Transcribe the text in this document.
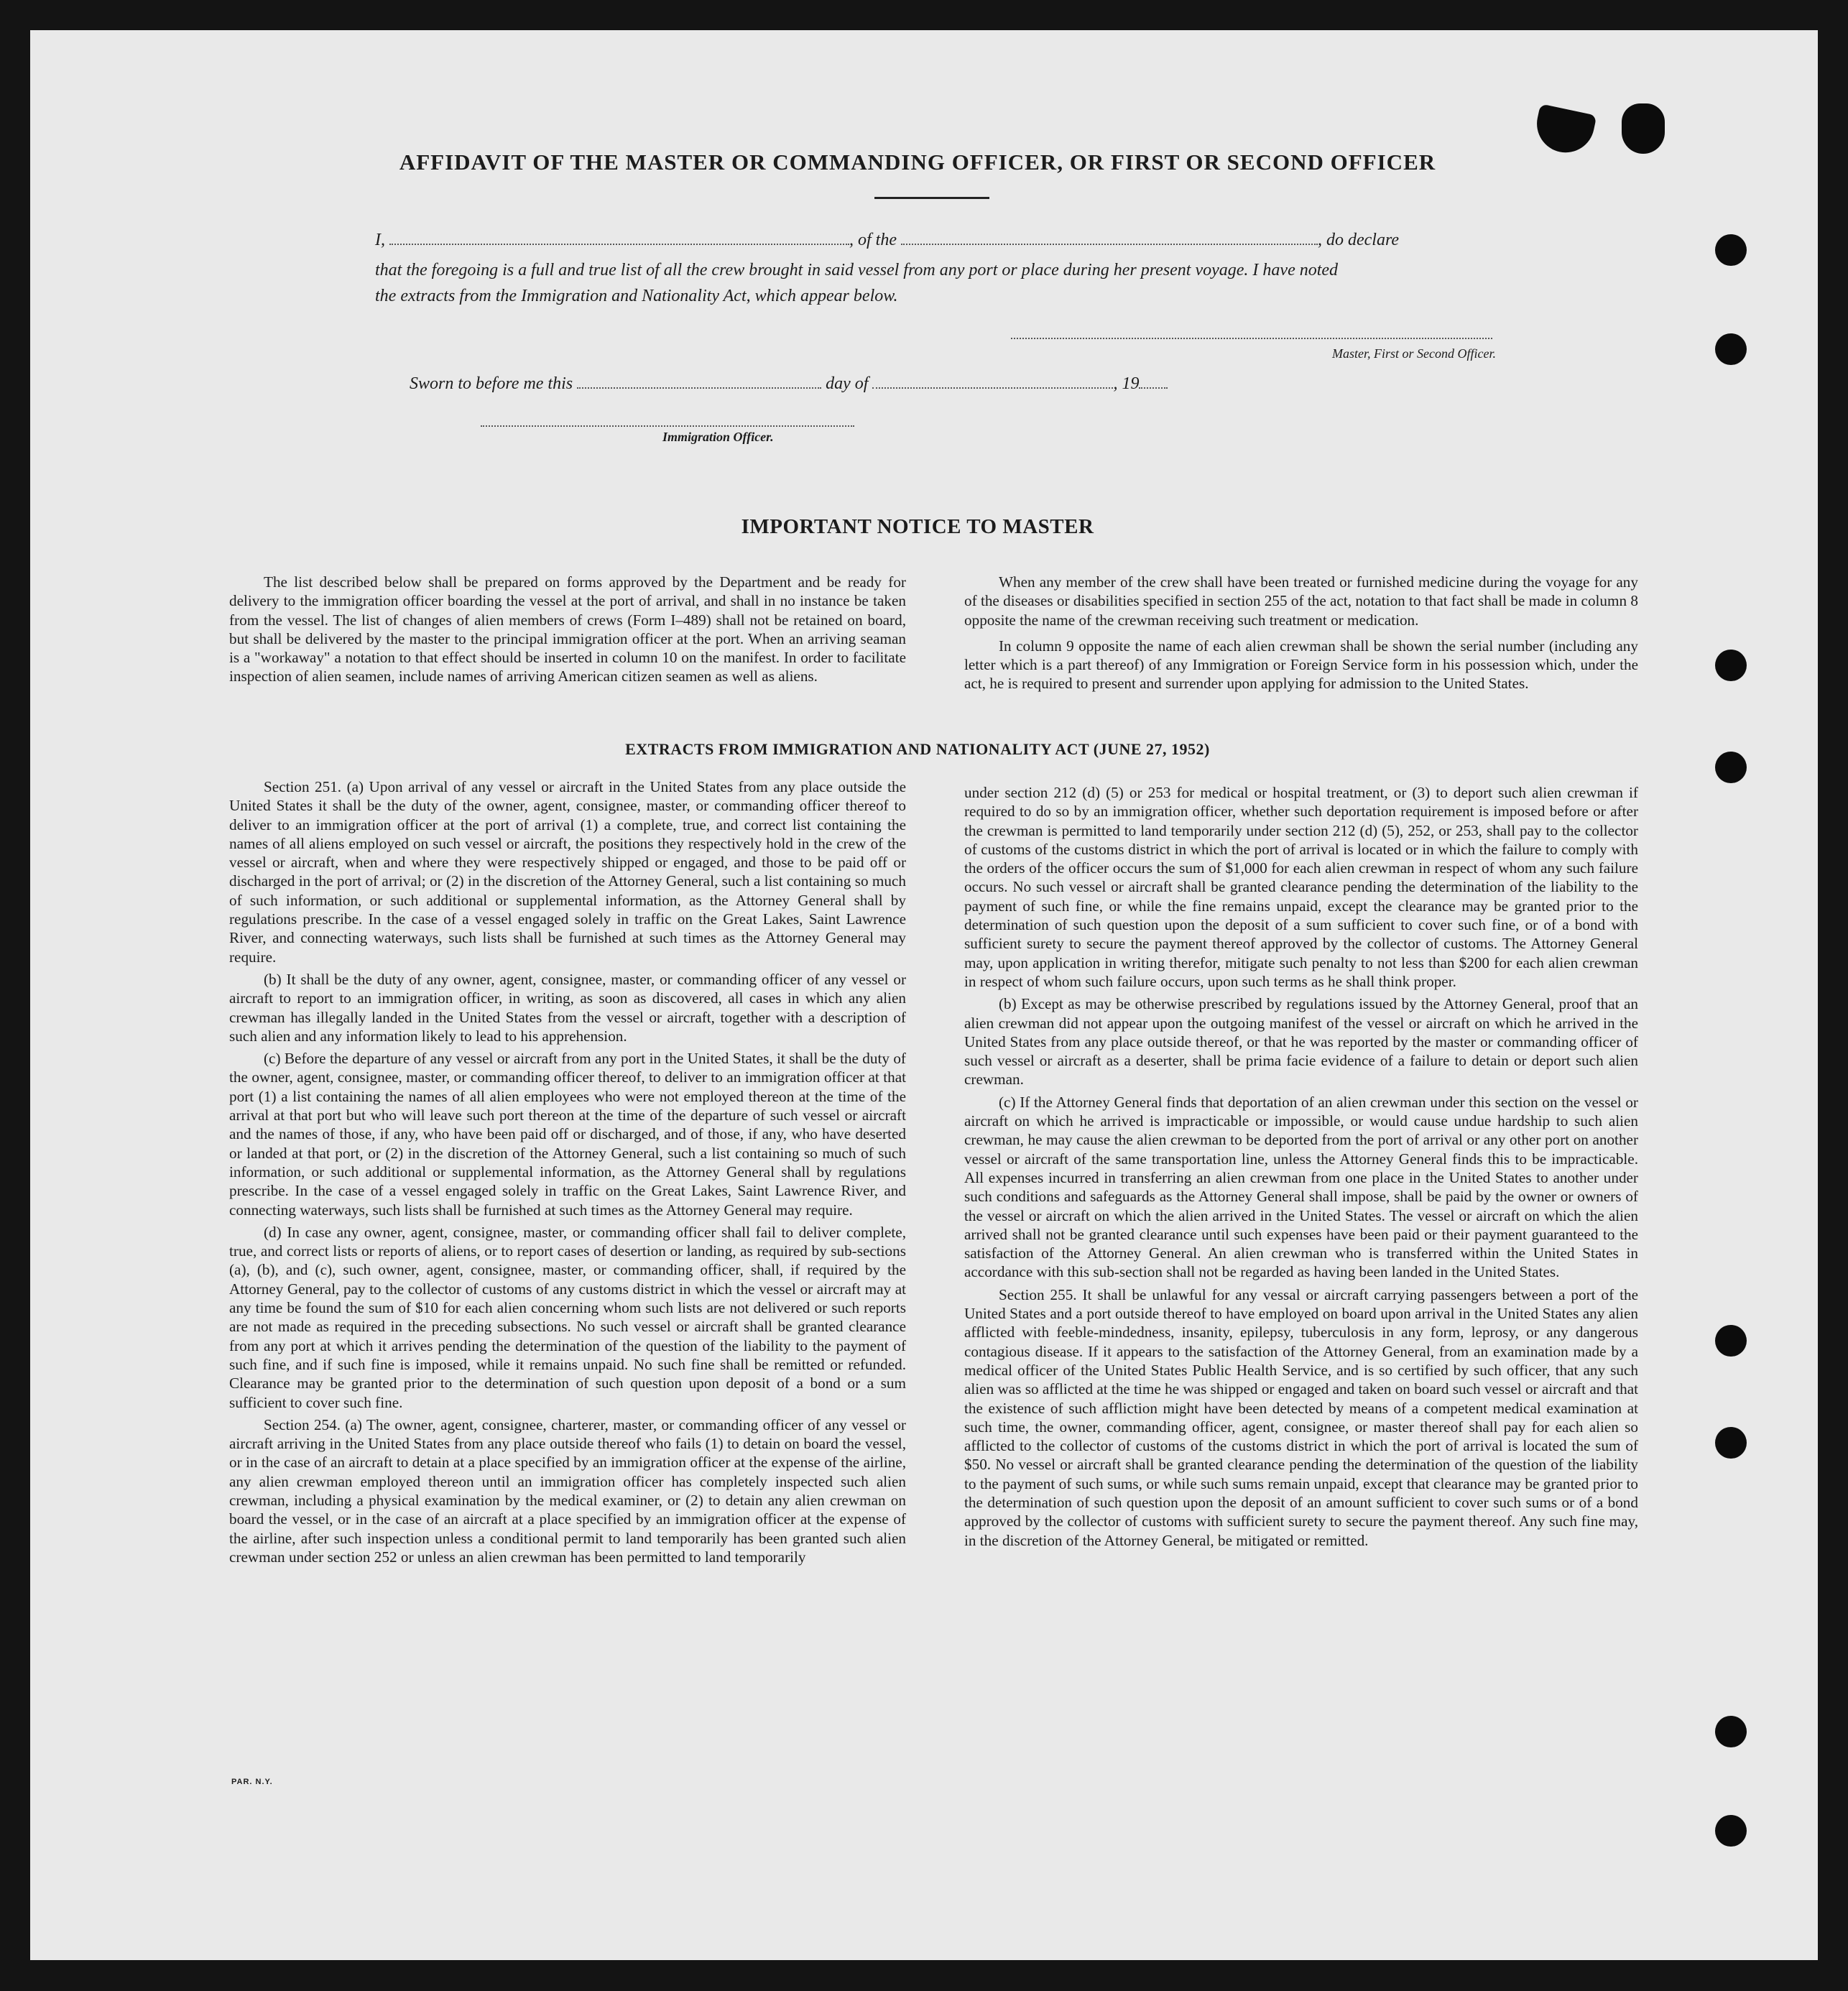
AFFIDAVIT OF THE MASTER OR COMMANDING OFFICER, OR FIRST OR SECOND OFFICER
I,	, of the	, do declare
that the foregoing is a full and true list of all the crew brought in said vessel from any port or place during her present voyage. I have noted
the extracts from the Immigration and Nationality Act, which appear below.
Master, First or Second Officer.
Sworn to before me this	day of	, 19
Immigration Officer.
IMPORTANT NOTICE TO MASTER

The list described below shall be prepared on forms approved by the Department and be ready for delivery to the immigration officer boarding the vessel at the port of arrival, and shall in no instance be taken from the vessel. The list of changes of alien members of crews (Form I–489) shall not be retained on board, but shall be delivered by the master to the principal immigration officer at the port. When an arriving seaman is a "workaway" a notation to that effect should be inserted in column 10 on the manifest. In order to facilitate inspection of alien seamen, include names of arriving American citizen seamen as well as aliens.

When any member of the crew shall have been treated or furnished medicine during the voyage for any of the diseases or disabilities specified in section 255 of the act, notation to that fact shall be made in column 8 opposite the name of the crewman receiving such treatment or medication.

In column 9 opposite the name of each alien crewman shall be shown the serial number (including any letter which is a part thereof) of any Immigration or Foreign Service form in his possession which, under the act, he is required to present and surrender upon applying for admission to the United States.

EXTRACTS FROM IMMIGRATION AND NATIONALITY ACT (JUNE 27, 1952)

Section 251. (a) Upon arrival of any vessel or aircraft in the United States from any place outside the United States it shall be the duty of the owner, agent, consignee, master, or commanding officer thereof to deliver to an immigration officer at the port of arrival (1) a complete, true, and correct list containing the names of all aliens employed on such vessel or aircraft, the positions they respectively hold in the crew of the vessel or aircraft, when and where they were respectively shipped or engaged, and those to be paid off or discharged in the port of arrival; or (2) in the discretion of the Attorney General, such a list containing so much of such information, or such additional or supplemental information, as the Attorney General shall by regulations prescribe. In the case of a vessel engaged solely in traffic on the Great Lakes, Saint Lawrence River, and connecting waterways, such lists shall be furnished at such times as the Attorney General may require.

(b) It shall be the duty of any owner, agent, consignee, master, or commanding officer of any vessel or aircraft to report to an immigration officer, in writing, as soon as discovered, all cases in which any alien crewman has illegally landed in the United States from the vessel or aircraft, together with a description of such alien and any information likely to lead to his apprehension.

(c) Before the departure of any vessel or aircraft from any port in the United States, it shall be the duty of the owner, agent, consignee, master, or commanding officer thereof, to deliver to an immigration officer at that port (1) a list containing the names of all alien employees who were not employed thereon at the time of the arrival at that port but who will leave such port thereon at the time of the departure of such vessel or aircraft and the names of those, if any, who have been paid off or discharged, and of those, if any, who have deserted or landed at that port, or (2) in the discretion of the Attorney General, such a list containing so much of such information, or such additional or supplemental information, as the Attorney General shall by regulations prescribe. In the case of a vessel engaged solely in traffic on the Great Lakes, Saint Lawrence River, and connecting waterways, such lists shall be furnished at such times as the Attorney General may require.

(d) In case any owner, agent, consignee, master, or commanding officer shall fail to deliver complete, true, and correct lists or reports of aliens, or to report cases of desertion or landing, as required by sub-sections (a), (b), and (c), such owner, agent, consignee, master, or commanding officer, shall, if required by the Attorney General, pay to the collector of customs of any customs district in which the vessel or aircraft may at any time be found the sum of $10 for each alien concerning whom such lists are not delivered or such reports are not made as required in the preceding subsections. No such vessel or aircraft shall be granted clearance from any port at which it arrives pending the determination of the question of the liability to the payment of such fine, and if such fine is imposed, while it remains unpaid. No such fine shall be remitted or refunded. Clearance may be granted prior to the determination of such question upon deposit of a bond or a sum sufficient to cover such fine.

Section 254. (a) The owner, agent, consignee, charterer, master, or commanding officer of any vessel or aircraft arriving in the United States from any place outside thereof who fails (1) to detain on board the vessel, or in the case of an aircraft to detain at a place specified by an immigration officer at the expense of the airline, any alien crewman employed thereon until an immigration officer has completely inspected such alien crewman, including a physical examination by the medical examiner, or (2) to detain any alien crewman on board the vessel, or in the case of an aircraft at a place specified by an immigration officer at the expense of the airline, after such inspection unless a conditional permit to land temporarily has been granted such alien crewman under section 252 or unless an alien crewman has been permitted to land temporarily

under section 212 (d) (5) or 253 for medical or hospital treatment, or (3) to deport such alien crewman if required to do so by an immigration officer, whether such deportation requirement is imposed before or after the crewman is permitted to land temporarily under section 212 (d) (5), 252, or 253, shall pay to the collector of customs of the customs district in which the port of arrival is located or in which the failure to comply with the orders of the officer occurs the sum of $1,000 for each alien crewman in respect of whom any such failure occurs. No such vessel or aircraft shall be granted clearance pending the determination of the liability to the payment of such fine, or while the fine remains unpaid, except the clearance may be granted prior to the determination of such question upon the deposit of a sum sufficient to cover such fine, or of a bond with sufficient surety to secure the payment thereof approved by the collector of customs. The Attorney General may, upon application in writing therefor, mitigate such penalty to not less than $200 for each alien crewman in respect of whom such failure occurs, upon such terms as he shall think proper.

(b) Except as may be otherwise prescribed by regulations issued by the Attorney General, proof that an alien crewman did not appear upon the outgoing manifest of the vessel or aircraft on which he arrived in the United States from any place outside thereof, or that he was reported by the master or commanding officer of such vessel or aircraft as a deserter, shall be prima facie evidence of a failure to detain or deport such alien crewman.

(c) If the Attorney General finds that deportation of an alien crewman under this section on the vessel or aircraft on which he arrived is impracticable or impossible, or would cause undue hardship to such alien crewman, he may cause the alien crewman to be deported from the port of arrival or any other port on another vessel or aircraft of the same transportation line, unless the Attorney General finds this to be impracticable. All expenses incurred in transferring an alien crewman from one place in the United States to another under such conditions and safeguards as the Attorney General shall impose, shall be paid by the owner or owners of the vessel or aircraft on which the alien arrived in the United States. The vessel or aircraft on which the alien arrived shall not be granted clearance until such expenses have been paid or their payment guaranteed to the satisfaction of the Attorney General. An alien crewman who is transferred within the United States in accordance with this sub-section shall not be regarded as having been landed in the United States.

Section 255. It shall be unlawful for any vessal or aircraft carrying passengers between a port of the United States and a port outside thereof to have employed on board upon arrival in the United States any alien afflicted with feeble-mindedness, insanity, epilepsy, tuberculosis in any form, leprosy, or any dangerous contagious disease. If it appears to the satisfaction of the Attorney General, from an examination made by a medical officer of the United States Public Health Service, and is so certified by such officer, that any such alien was so afflicted at the time he was shipped or engaged and taken on board such vessel or aircraft and that the existence of such affliction might have been detected by means of a competent medical examination at such time, the owner, commanding officer, agent, consignee, or master thereof shall pay for each alien so afflicted to the collector of customs of the customs district in which the port of arrival is located the sum of $50. No vessel or aircraft shall be granted clearance pending the determination of the question of the liability to the payment of such sums, or while such sums remain unpaid, except that clearance may be granted prior to the determination of such question upon the deposit of an amount sufficient to cover such sums or of a bond approved by the collector of customs with sufficient surety to secure the payment thereof. Any such fine may, in the discretion of the Attorney General, be mitigated or remitted.

PAR. N.Y.
